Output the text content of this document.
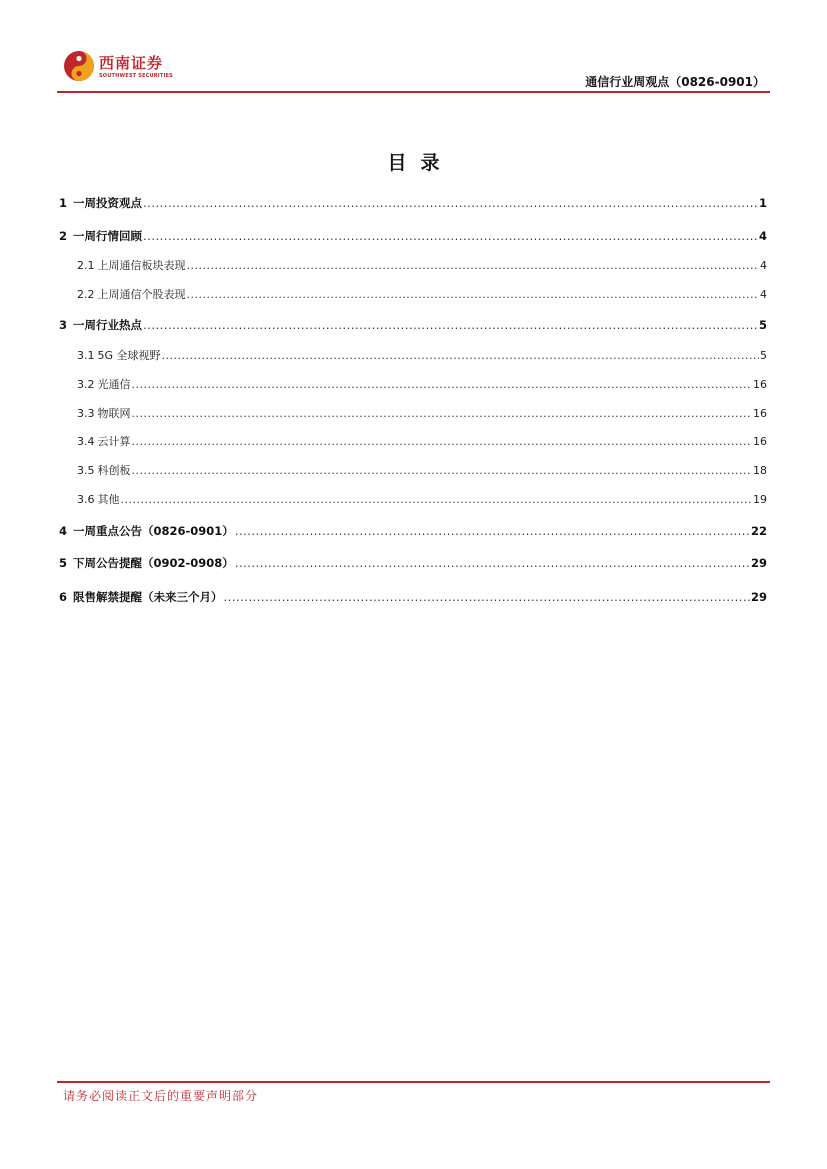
西南证券
SOUTHWEST SECURITIES	通信行业周观点（0826-0901）
目录
1 一周投资观点 .....	1
2 一周行情回顾 .....	4
2.1 上周通信板块表现 .....	4
2.2 上周通信个股表现 .....	4
3 一周行业热点 .....	5
3.1 5G 全球视野 .....	5
3.2 光通信 .....	16
3.3 物联网 .....	16
3.4 云计算 .....	16
3.5 科创板 .....	18
3.6 其他 .....	19
4 一周重点公告（0826-0901） .....	22
5 下周公告提醒（0902-0908） .....	29
6 限售解禁提醒（未来三个月） .....	29
请务必阅读正文后的重要声明部分
